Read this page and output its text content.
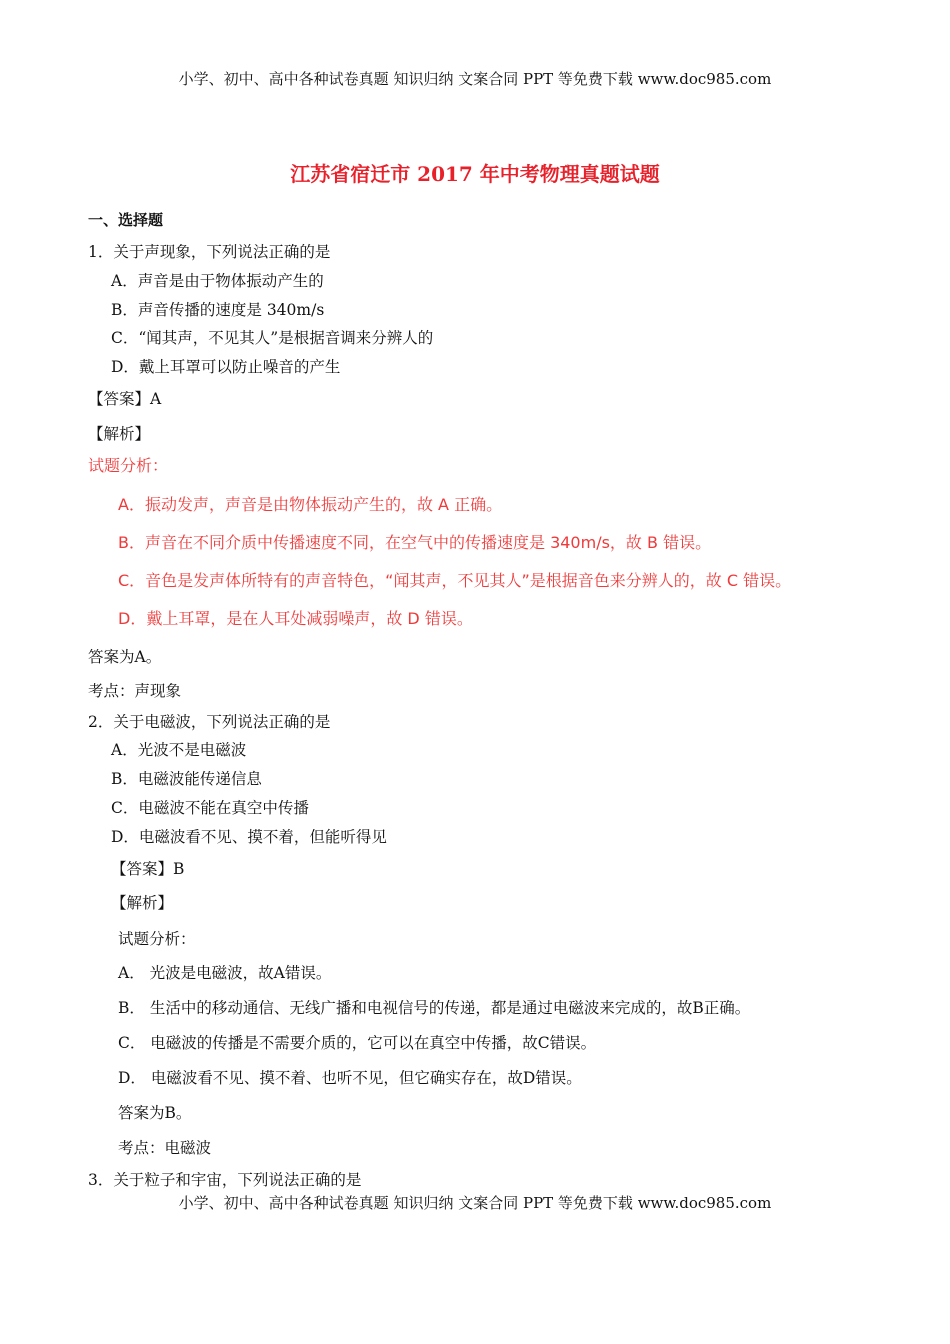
小学、初中、高中各种试卷真题 知识归纳 文案合同 PPT 等免费下载 www.doc985.com
江苏省宿迁市 2017 年中考物理真题试题
一、选择题
1．关于声现象，下列说法正确的是
A．声音是由于物体振动产生的
B．声音传播的速度是 340m/s
C．“闻其声，不见其人”是根据音调来分辨人的
D．戴上耳罩可以防止噪音的产生
【答案】A
【解析】
试题分析：
A．振动发声，声音是由物体振动产生的，故 A 正确。
B．声音在不同介质中传播速度不同，在空气中的传播速度是 340m/s，故 B 错误。
C．音色是发声体所特有的声音特色，“闻其声，不见其人”是根据音色来分辨人的，故 C 错误。
D．戴上耳罩，是在人耳处减弱噪声，故 D 错误。
答案为A。
考点：声现象
2．关于电磁波，下列说法正确的是
A．光波不是电磁波
B．电磁波能传递信息
C．电磁波不能在真空中传播
D．电磁波看不见、摸不着，但能听得见
【答案】B
【解析】
试题分析：
A． 光波是电磁波，故A错误。
B． 生活中的移动通信、无线广播和电视信号的传递，都是通过电磁波来完成的，故B正确。
C． 电磁波的传播是不需要介质的，它可以在真空中传播，故C错误。
D． 电磁波看不见、摸不着、也听不见，但它确实存在，故D错误。
答案为B。
考点：电磁波
3．关于粒子和宇宙，下列说法正确的是
小学、初中、高中各种试卷真题 知识归纳 文案合同 PPT 等免费下载 www.doc985.com
